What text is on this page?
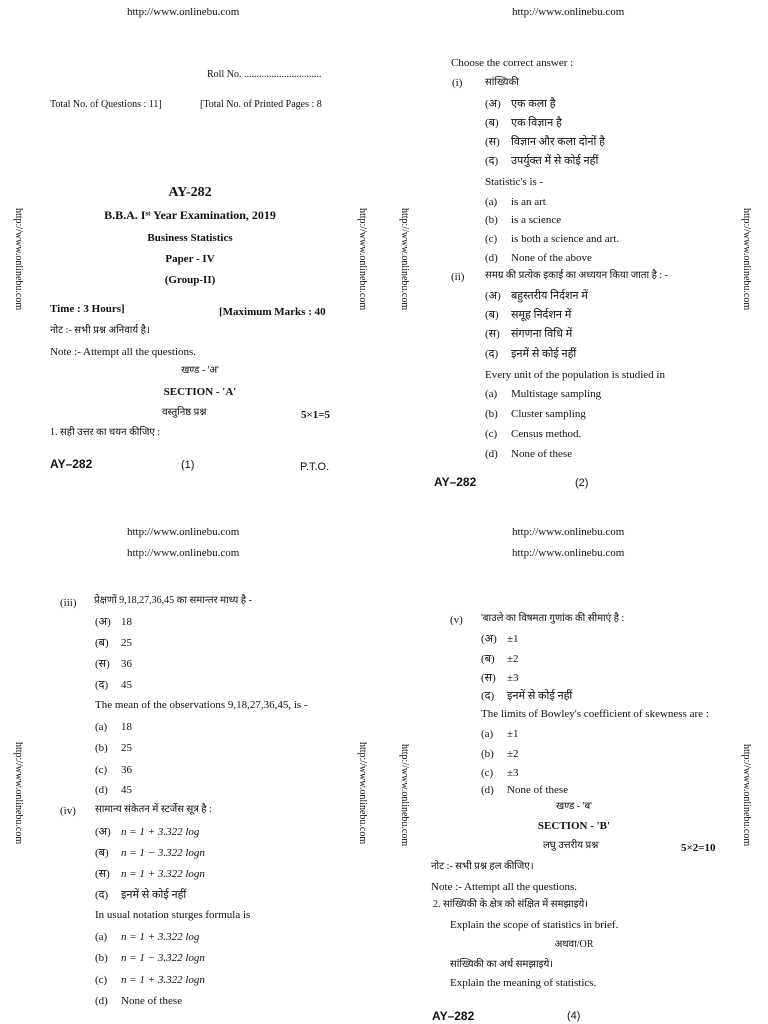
http://www.onlinebu.com
http://www.onlinebu.com	http://www.onlinebu.com
Roll No. ...............................
Total No. of Questions : 11]	[Total No. of Printed Pages : 8
AY-282
B.B.A. Iˢᵗ Year Examination, 2019
Business Statistics
Paper - IV
(Group-II)
Time : 3 Hours]	[Maximum Marks : 40
नोट :- सभी प्रश्न अनिवार्य है।
Note :- Attempt all the questions.
खण्ड - 'अ'
SECTION - 'A'
वस्तुनिष्ठ प्रश्न	5×1=5
1. सही उत्तर का चयन कीजिए :
AY–282	(1)	P.T.O.
http://www.onlinebu.com
http://www.onlinebu.com	http://www.onlinebu.com
Choose the correct answer :
(i) सांख्यिकी
(अ) एक कला है
(ब) एक विज्ञान है
(स) विज्ञान और कला दोनों है
(द) उपर्युक्त में से कोई नहीं
Statistic's is -
(a) is an art
(b) is a science
(c) is both a science and art.
(d) None of the above
(ii) समग्र की प्रत्येक इकाई का अध्ययन किया जाता है : -
(अ) बहुस्तरीय निर्दशन में
(ब) समूह निर्दशन में
(स) संगणना विधि में
(द) इनमें से कोई नहीं
Every unit of the population is studied in
(a) Multistage sampling
(b) Cluster sampling
(c) Census method.
(d) None of these
AY–282	(2)
http://www.onlinebu.com
http://www.onlinebu.com
http://www.onlinebu.com	http://www.onlinebu.com
(iii) प्रेक्षणों 9,18,27,36,45 का समान्तर माध्य है -
(अ) 18
(ब) 25
(स) 36
(द) 45
The mean of the observations 9,18,27,36,45, is -
(a) 18
(b) 25
(c) 36
(d) 45
(iv) सामान्य संकेतन में स्टर्जेस सूत्र है :
(अ) n = 1 + 3.322 log
(ब) n = 1 − 3.322 logn
(स) n = 1 + 3.322 logn
(द) इनमें से कोई नहीं
In usual notation sturges formula is
(a) n = 1 + 3.322 log
(b) n = 1 − 3.322 logn
(c) n = 1 + 3.322 logn
(d) None of these
http://www.onlinebu.com
http://www.onlinebu.com
http://www.onlinebu.com	http://www.onlinebu.com
(v) 'बाउले का विषमता गुणांक की सीमाएं है :
(अ) ±1
(ब) ±2
(स) ±3
(द) इनमें से कोई नहीं
The limits of Bowley's coefficient of skewness are :
(a) ±1
(b) ±2
(c) ±3
(d) None of these
खण्ड - 'ब'
SECTION - 'B'
लघु उत्तरीय प्रश्न	5×2=10
नोट :- सभी प्रश्न हल कीजिए।
Note :- Attempt all the questions.
2. सांख्यिकी के क्षेत्र को संक्षित में समझाइये।
Explain the scope of statistics in brief.
अथवा/OR
सांख्यिकी का अर्थ समझाइये।
Explain the meaning of statistics.
AY–282	(4)
